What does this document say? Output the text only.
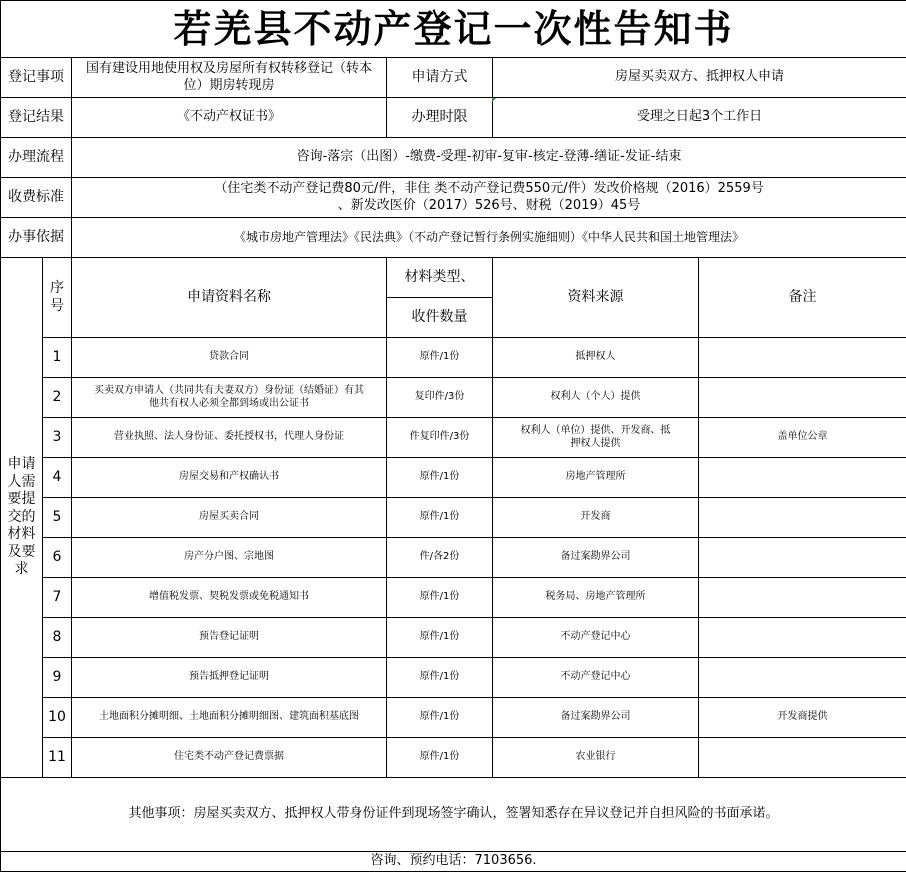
若羌县不动产登记一次性告知书					
登记事项		国有建设用地使用权及房屋所有权转移登记（转本位）期房转现房	申请方式	房屋买卖双方、抵押权人申请	
登记结果		《不动产权证书》	办理时限	受理之日起3个工作日	
办理流程		咨询-落宗（出图）-缴费-受理-初审-复审-核定-登薄-缮证-发证-结束			
收费标准		（住宅类不动产登记费80元/件，非住 类不动产登记费550元/件）发改价格规（2016）2559号
、新发改医价（2017）526号、财税（2019）45号			

办事依据		《城市房地产管理法》《民法典》（不动产登记暂行条例实施细则）《中华人民共和国土地管理法》			
申请人需要提交的材料及要求	序号	申请资料名称	材料类型、	资料来源	备注
			收件数量		
	1	贷款合同	原件/1份	抵押权人	
	2	买卖双方申请人（共同共有夫妻双方）身份证（结婚证）有其他共有权人必须全都到场或出公证书	复印件/3份	权利人（个人）提供	
	3	营业执照、法人身份证、委托授权书，代理人身份证	件复印件/3份	权利人（单位）提供、开发商、抵押权人提供	盖单位公章
	4	房屋交易和产权确认书	原件/1份	房地产管理所	
	5	房屋买卖合同	原件/1份	开发商	
	6	房产分户图、宗地图	件/各2份	备过案勘界公司	
	7	增值税发票、契税发票或免税通知书	原件/1份	税务局、房地产管理所	
	8	预告登记证明	原件/1份	不动产登记中心	
	9	预告抵押登记证明	原件/1份	不动产登记中心	
	10	土地面积分摊明细、土地面积分摊明细图、建筑面积基底图	原件/1份	备过案勘界公司	开发商提供
	11	住宅类不动产登记费票据	原件/1份	农业银行	
其他事项：房屋买卖双方、抵押权人带身份证件到现场签字确认，签署知悉存在异议登记并自担风险的书面承诺。					
咨询、预约电话：7103656.					
